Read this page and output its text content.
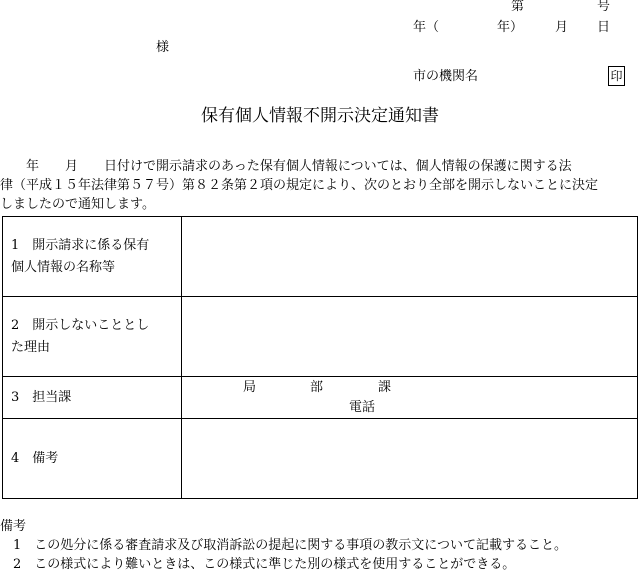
第	号
年（	年） 月 日
様
市の機関名	印
保有個人情報不開示決定通知書
　　年　　月　　日付けで開示請求のあった保有個人情報については、個人情報の保護に関する法
律（平成１５年法律第５７号）第８２条第２項の規定により、次のとおり全部を開示しないことに決定
しましたので通知します。
1　開示請求に係る保有
個人情報の名称等	

2　開示しないこととし
た理由	

3　担当課	局 部 課
電話

4　備考	

備考
　1　この処分に係る審査請求及び取消訴訟の提起に関する事項の教示文について記載すること。
　2　この様式により難いときは、この様式に準じた別の様式を使用することができる。
